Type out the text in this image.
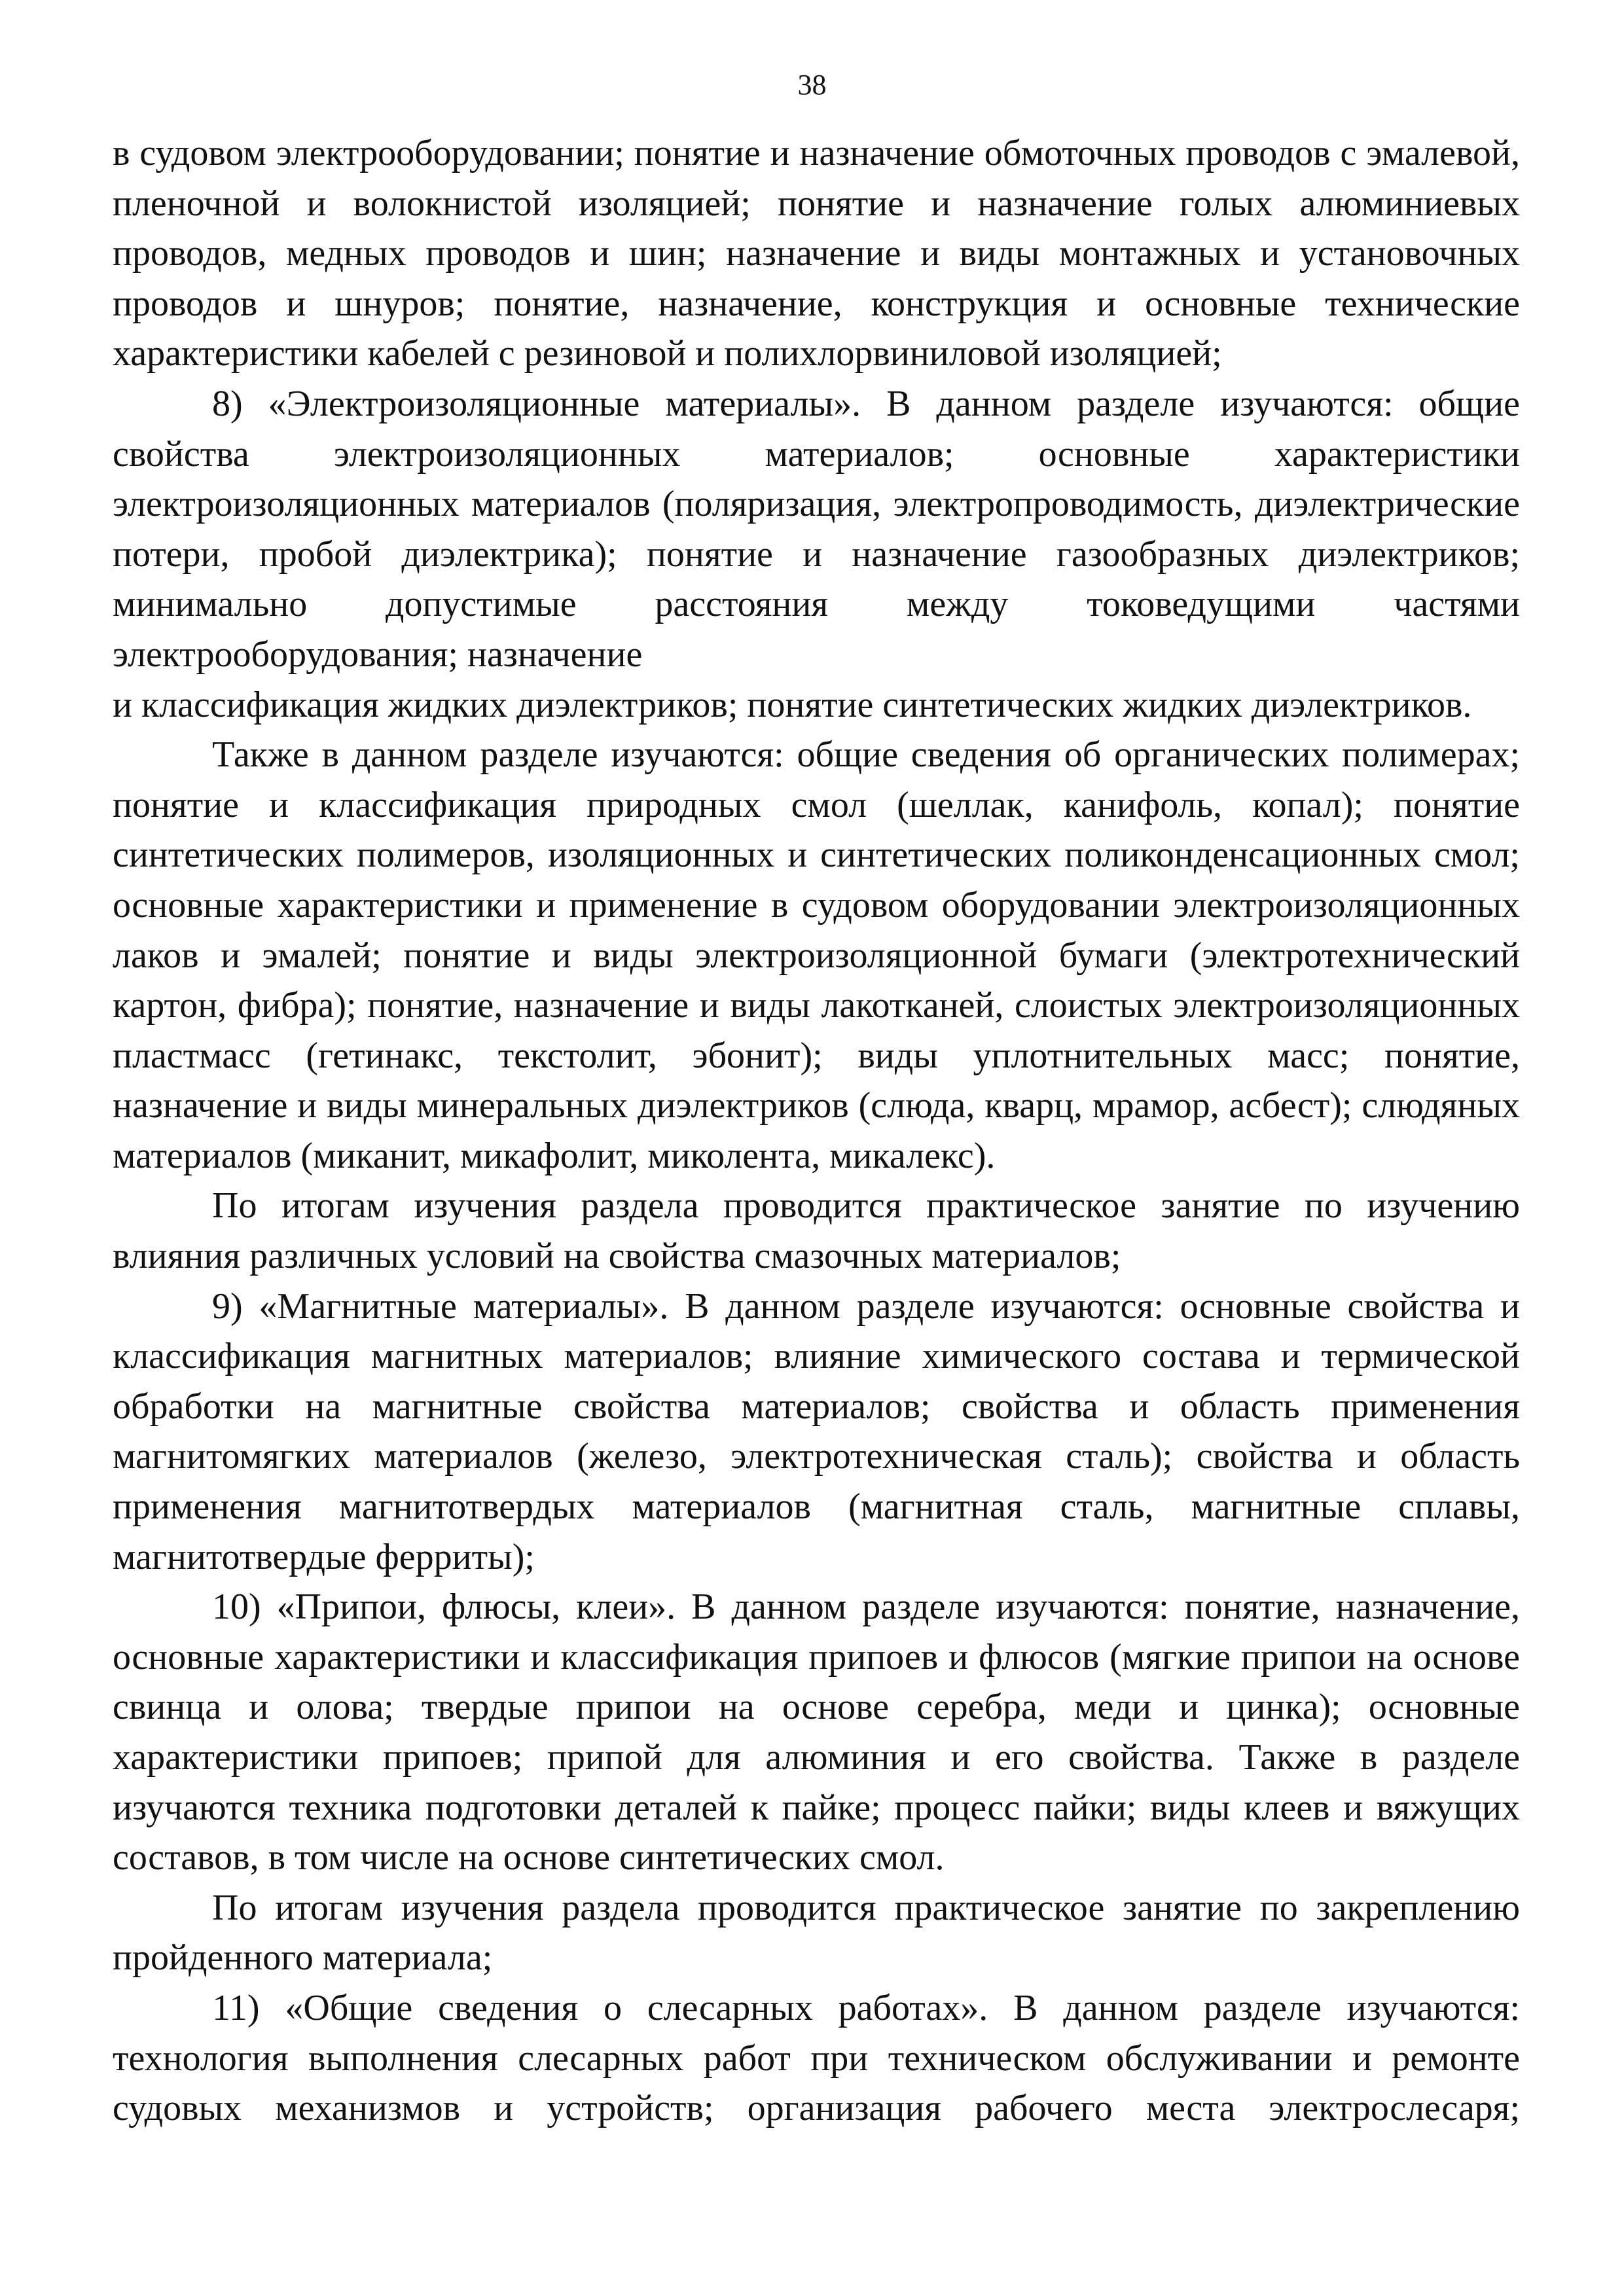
38

в судовом электрооборудовании; понятие и назначение обмоточных проводов с эмалевой, пленочной и волокнистой изоляцией; понятие и назначение голых алюминиевых проводов, медных проводов и шин; назначение и виды монтажных и установочных проводов и шнуров; понятие, назначение, конструкция и основные технические характеристики кабелей с резиновой и полихлорвиниловой изоляцией;

8) «Электроизоляционные материалы». В данном разделе изучаются: общие свойства электроизоляционных материалов; основные характеристики электроизоляционных материалов (поляризация, электропроводимость, диэлектрические потери, пробой диэлектрика); понятие и назначение газообразных диэлектриков; минимально допустимые расстояния между токоведущими частями электрооборудования; назначение

и классификация жидких диэлектриков; понятие синтетических жидких диэлектриков.

Также в данном разделе изучаются: общие сведения об органических полимерах; понятие и классификация природных смол (шеллак, канифоль, копал); понятие синтетических полимеров, изоляционных и синтетических поликонденсационных смол; основные характеристики и применение в судовом оборудовании электроизоляционных лаков и эмалей; понятие и виды электроизоляционной бумаги (электротехнический картон, фибра); понятие, назначение и виды лакотканей, слоистых электроизоляционных пластмасс (гетинакс, текстолит, эбонит); виды уплотнительных масс; понятие, назначение и виды минеральных диэлектриков (слюда, кварц, мрамор, асбест); слюдяных материалов (миканит, микафолит, миколента, микалекс).

По итогам изучения раздела проводится практическое занятие по изучению влияния различных условий на свойства смазочных материалов;

9) «Магнитные материалы». В данном разделе изучаются: основные свойства и классификация магнитных материалов; влияние химического состава и термической обработки на магнитные свойства материалов; свойства и область применения магнитомягких материалов (железо, электротехническая сталь); свойства и область применения магнитотвердых материалов (магнитная сталь, магнитные сплавы, магнитотвердые ферриты);

10) «Припои, флюсы, клеи». В данном разделе изучаются: понятие, назначение, основные характеристики и классификация припоев и флюсов (мягкие припои на основе свинца и олова; твердые припои на основе серебра, меди и цинка); основные характеристики припоев; припой для алюминия и его свойства. Также в разделе изучаются техника подготовки деталей к пайке; процесс пайки; виды клеев и вяжущих составов, в том числе на основе синтетических смол.

По итогам изучения раздела проводится практическое занятие по закреплению пройденного материала;

11) «Общие сведения о слесарных работах». В данном разделе изучаются: технология выполнения слесарных работ при техническом обслуживании и ремонте судовых механизмов и устройств; организация рабочего места электрослесаря;
